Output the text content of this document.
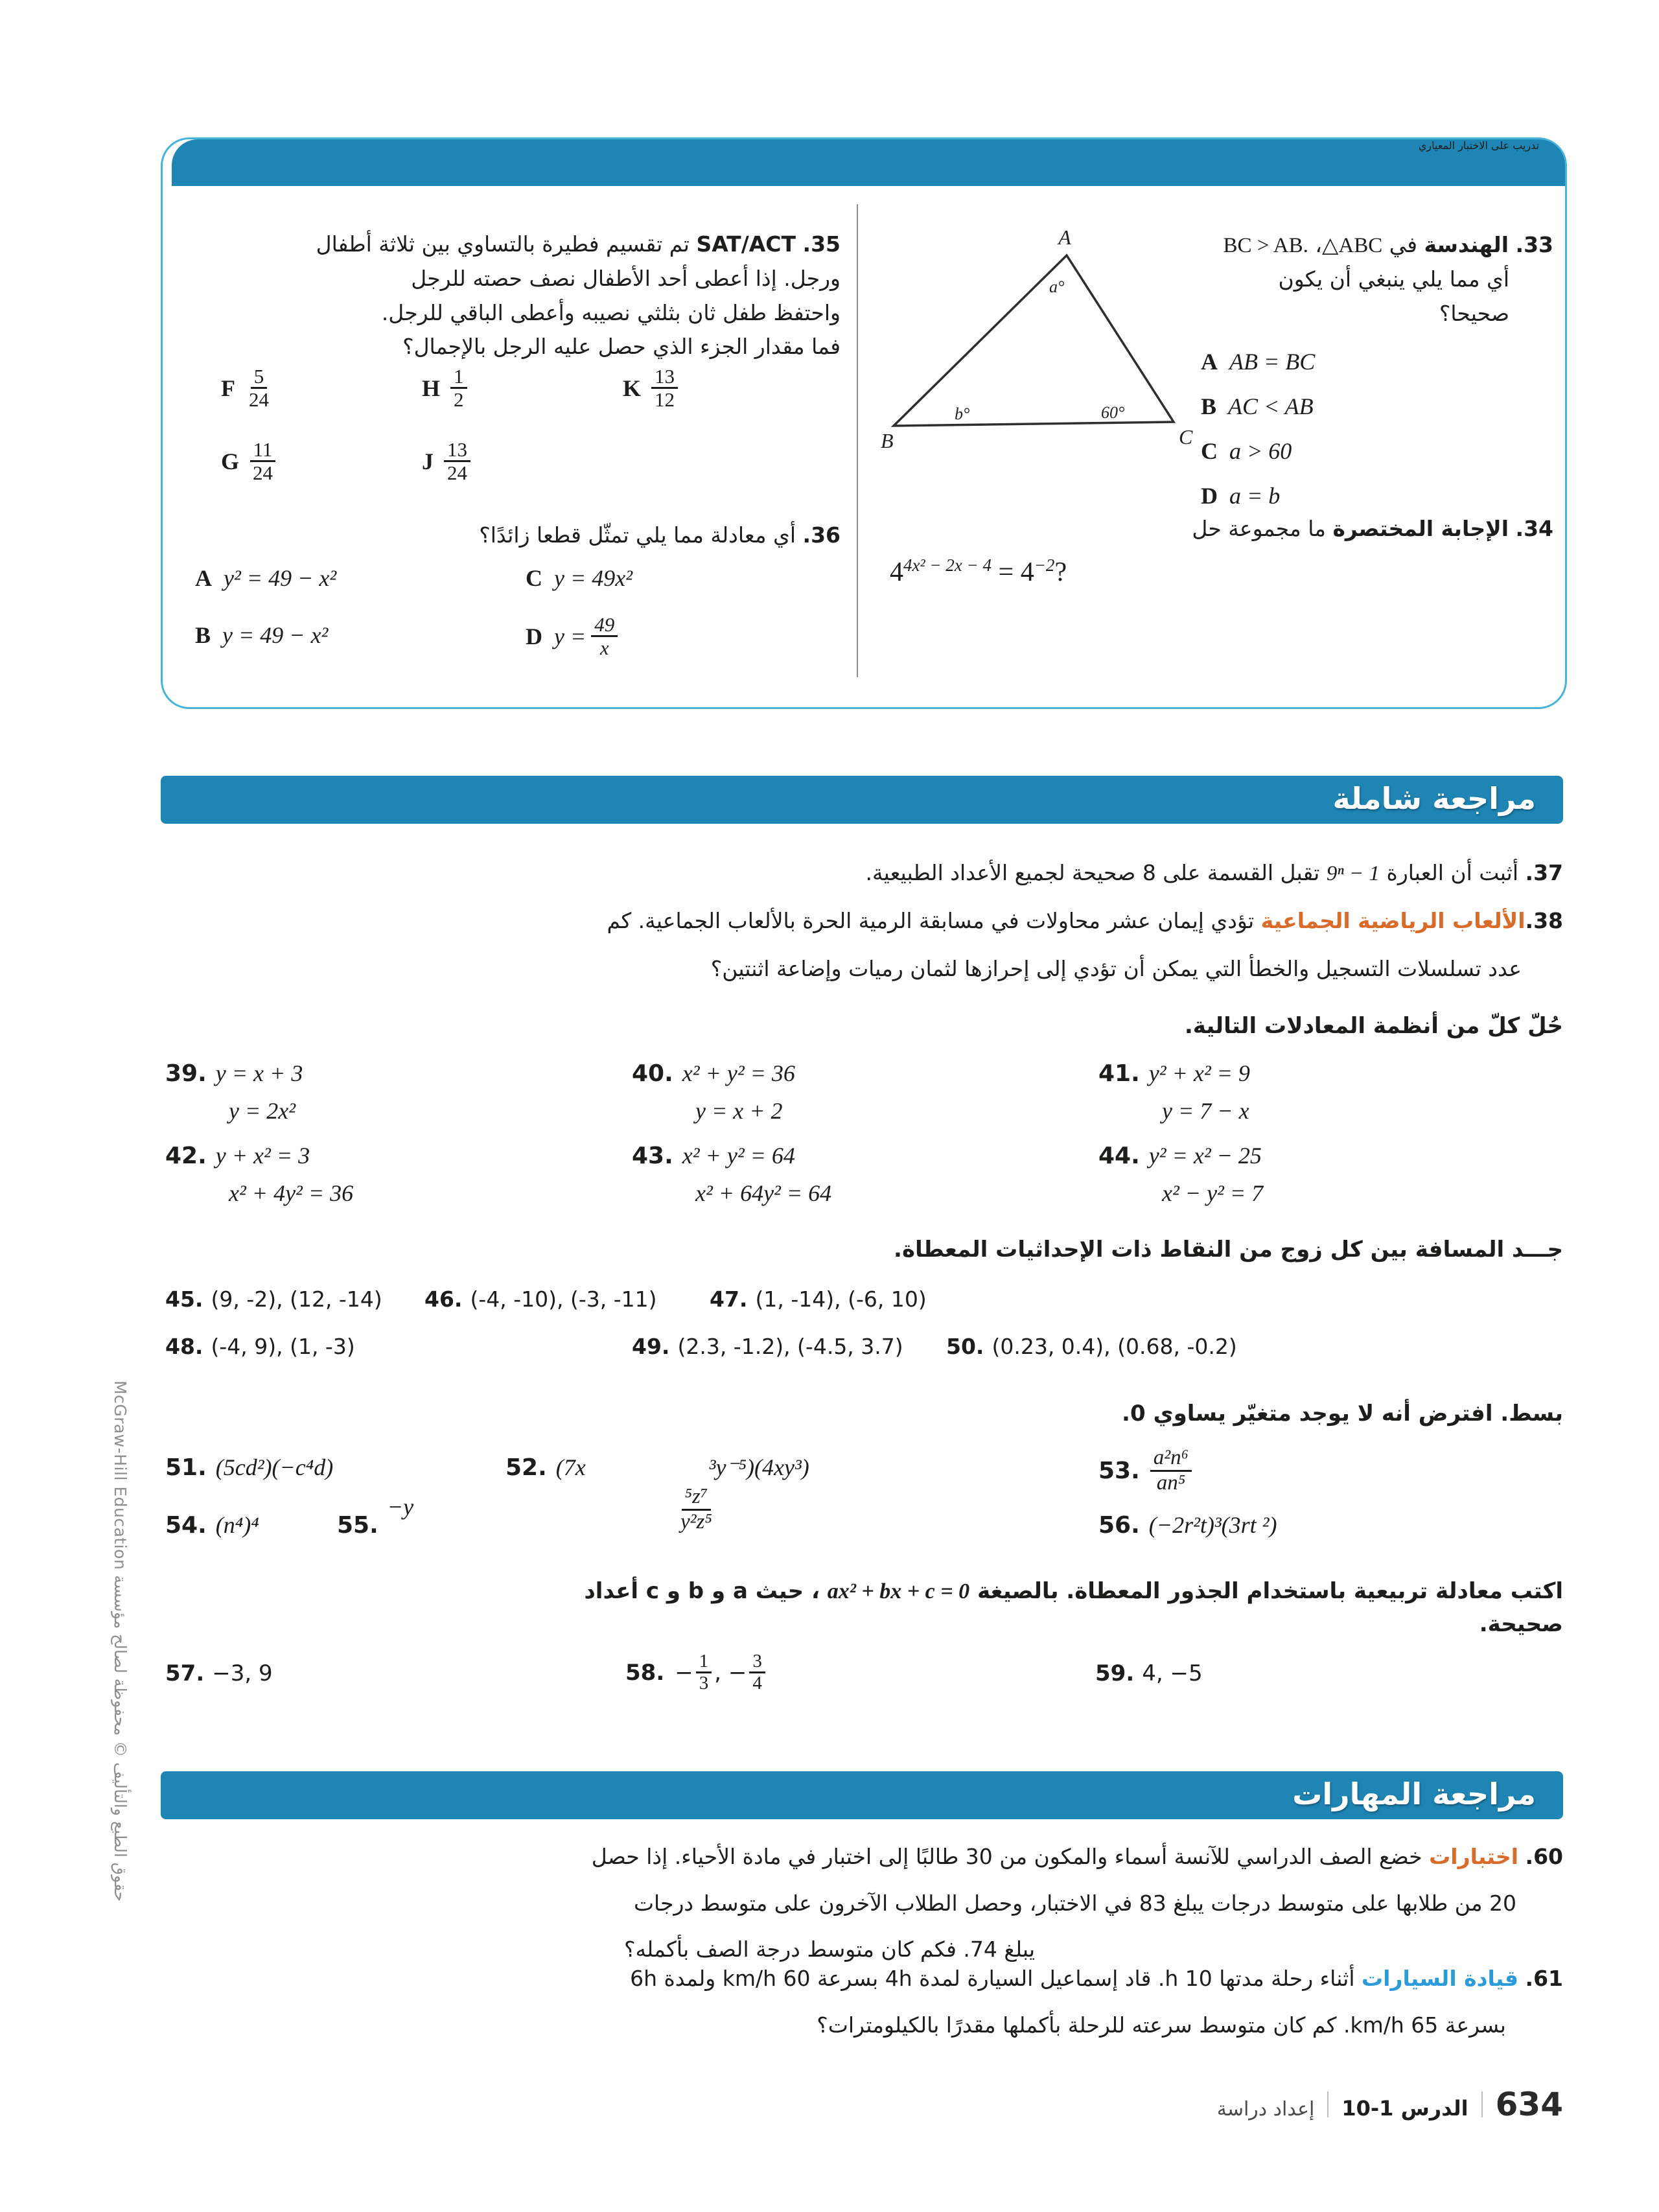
حقوق الطبع والتأليف © محفوظة لصالح مؤسسة McGraw-Hill Education
تدريب على الاختبار المعياري
33. الهندسة في △ABC، BC > AB.
أي مما يلي ينبغي أن يكون
صحيحا؟
A
B	C
a°
b°	60°
A AB = BC
B AC < AB
C a > 60
D a = b
34. الإجابة المختصرة ما مجموعة حل
$4^{4x^2 - 2x - 4} = 4^{-2}$?
35. SAT/ACT تم تقسيم فطيرة بالتساوي بين ثلاثة أطفال
ورجل. إذا أعطى أحد الأطفال نصف حصته للرجل
واحتفظ طفل ثان بثلثي نصيبه وأعطى الباقي للرجل.
فما مقدار الجزء الذي حصل عليه الرجل بالإجمال؟
F $\frac{5}{24}$	H $\frac{1}{2}$	K $\frac{13}{12}$
G $\frac{11}{24}$	J $\frac{13}{24}$
36. أي معادلة مما يلي تمثّل قطعا زائدًا؟
A y² = 49 − x²	C y = 49x²
B y = 49 − x²	D $y = \frac{49}{x}$
مراجعة شاملة
37. أثبت أن العبارة 9ⁿ − 1 تقبل القسمة على 8 صحيحة لجميع الأعداد الطبيعية.
38.الألعاب الرياضية الجماعية تؤدي إيمان عشر محاولات في مسابقة الرمية الحرة بالألعاب الجماعية. كم
عدد تسلسلات التسجيل والخطأ التي يمكن أن تؤدي إلى إحرازها لثمان رميات وإضاعة اثنتين؟
حُلّ كلّ من أنظمة المعادلات التالية.
39. y = x + 3
y = 2x²
40. x² + y² = 36
y = x + 2
41. y² + x² = 9
y = 7 − x
42. y + x² = 3
x² + 4y² = 36
43. x² + y² = 64
x² + 64y² = 64
44. y² = x² − 25
x² − y² = 7
جـــد المسافة بين كل زوج من النقاط ذات الإحداثيات المعطاة.
45. (9, -2), (12, -14) 46. (-4, -10), (-3, -11) 47. (1, -14), (-6, 10)
48. (-4, 9), (1, -3)	49. (2.3, -1.2), (-4.5, 3.7) 50. (0.23, 0.4), (0.68, -0.2)
بسط. افترض أنه لا يوجد متغيّر يساوي 0.
51. (5cd²)(−c⁴d)	52. (7x	³y⁻⁵)(4xy³)	53. $\frac{\text{a²n⁶}}{\text{an⁵}}$
54. (n⁴)⁴	55.−y	$\frac{\text{⁵z⁷}}{\text{y²z⁵}}$	56. (−2r²t)³(3rt ²)
اكتب معادلة تربيعية باستخدام الجذور المعطاة. بالصيغة ax² + bx + c = 0 ، حيث a و b و c أعداد
صحيحة.
57. −3, 9	58. − $\frac{1}{3}$ , − $\frac{3}{4}$	59. 4, −5
مراجعة المهارات
60. اختبارات خضع الصف الدراسي للآنسة أسماء والمكون من 30 طالبًا إلى اختبار في مادة الأحياء. إذا حصل
20 من طلابها على متوسط درجات يبلغ 83 في الاختبار، وحصل الطلاب الآخرون على متوسط درجات
يبلغ 74. فكم كان متوسط درجة الصف بأكمله؟
61. قيادة السيارات أثناء رحلة مدتها 10 h. قاد إسماعيل السيارة لمدة 4h بسرعة 60 km/h ولمدة 6h
بسرعة 65 km/h. كم كان متوسط سرعته للرحلة بأكملها مقدرًا بالكيلومترات؟
634
الدرس 1-10
إعداد دراسة
